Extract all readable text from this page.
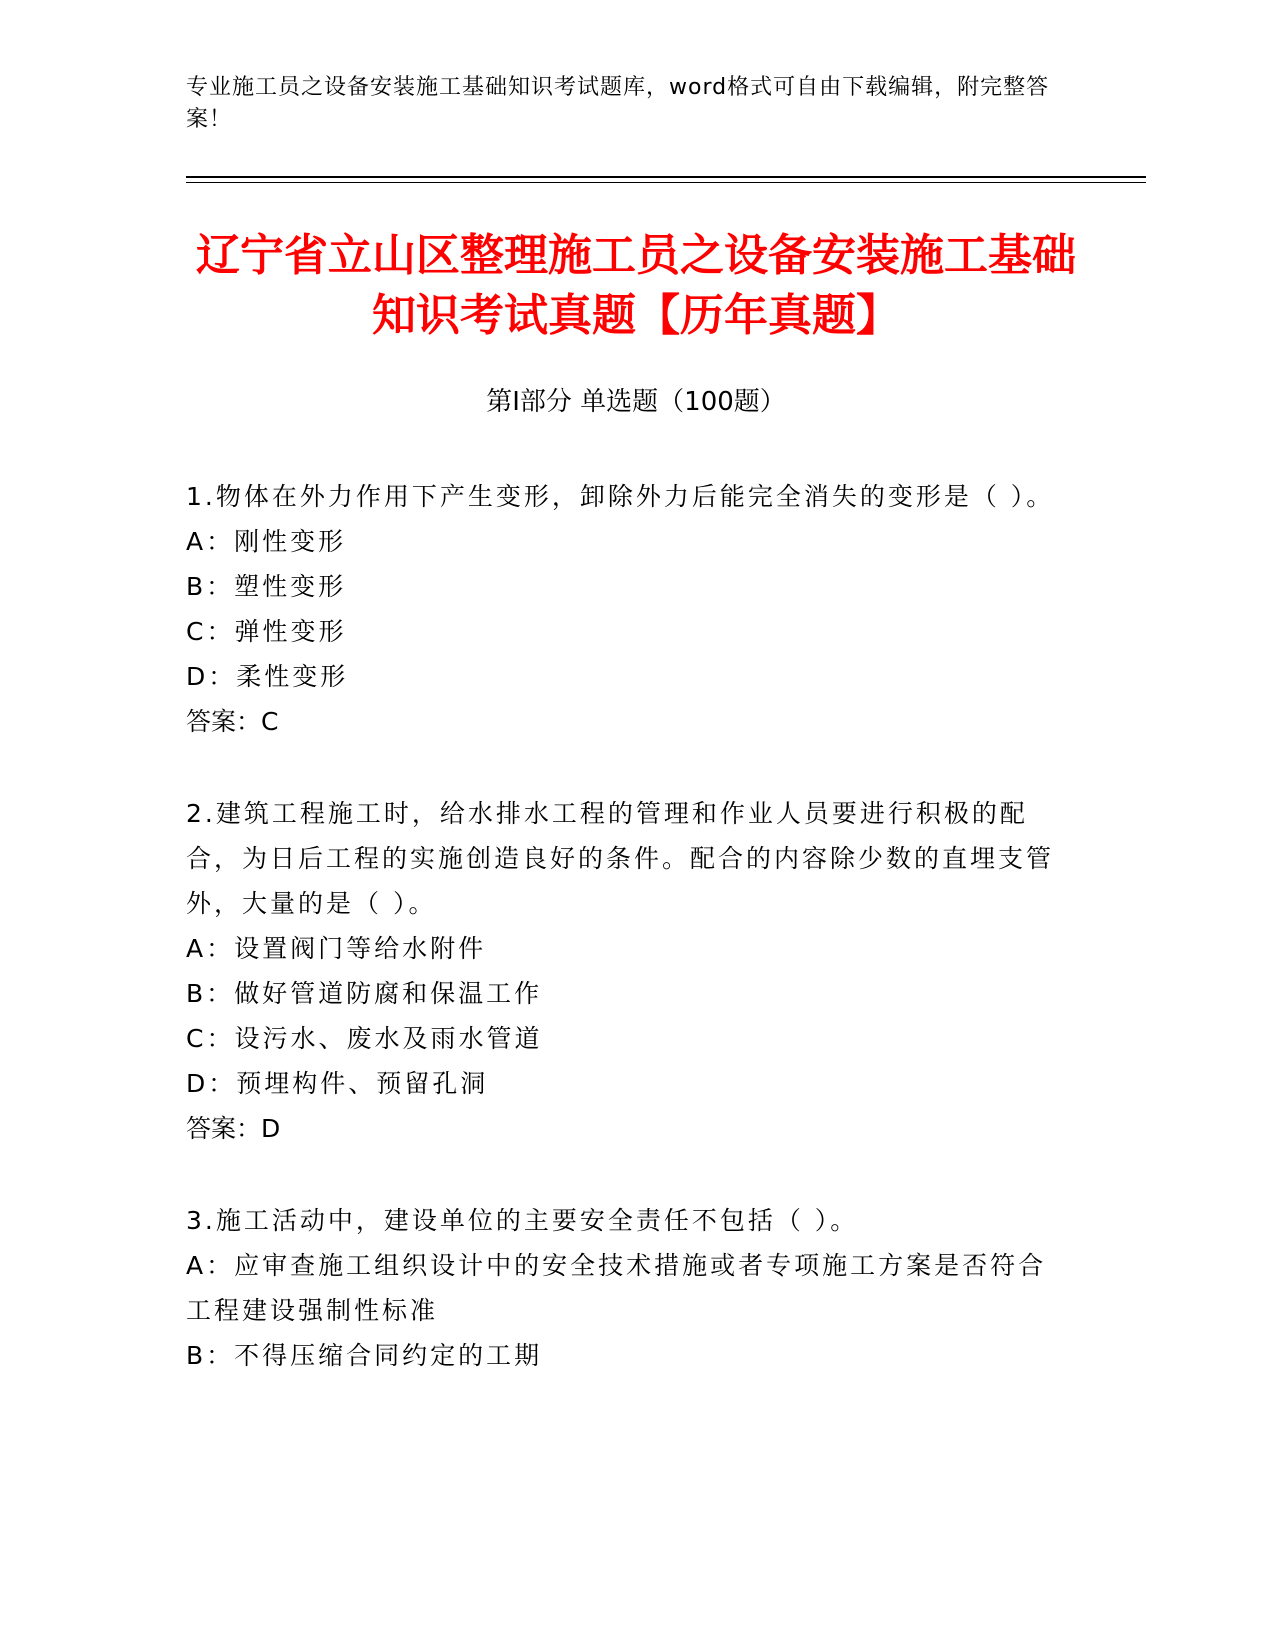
专业施工员之设备安装施工基础知识考试题库，word格式可自由下载编辑，附完整答案！
辽宁省立山区整理施工员之设备安装施工基础知识考试真题【历年真题】
第Ⅰ部分 单选题（100题）
1.物体在外力作用下产生变形，卸除外力后能完全消失的变形是（ ）。
A：刚性变形
B：塑性变形
C：弹性变形
D：柔性变形
答案：C
2.建筑工程施工时，给水排水工程的管理和作业人员要进行积极的配合，为日后工程的实施创造良好的条件。配合的内容除少数的直埋支管外，大量的是（ ）。
A：设置阀门等给水附件
B：做好管道防腐和保温工作
C：设污水、废水及雨水管道
D：预埋构件、预留孔洞
答案：D
3.施工活动中，建设单位的主要安全责任不包括（ ）。
A：应审查施工组织设计中的安全技术措施或者专项施工方案是否符合工程建设强制性标准
B：不得压缩合同约定的工期
